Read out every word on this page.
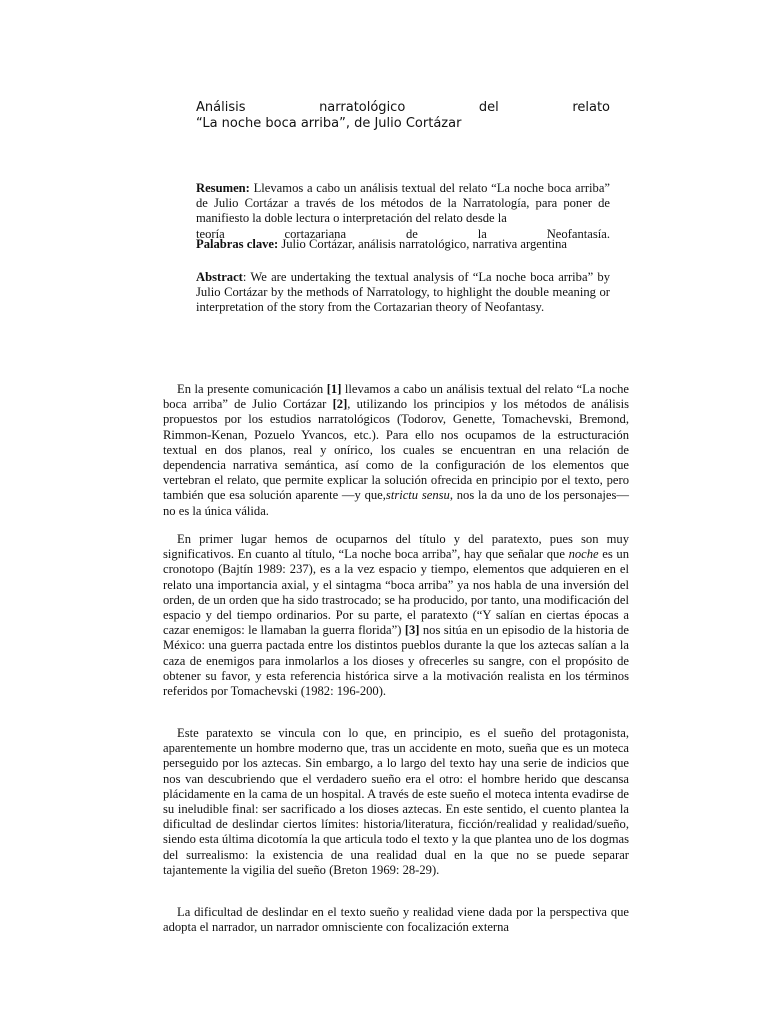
Análisis	narratológico	del	relato
“La noche boca arriba”, de Julio Cortázar
Resumen: Llevamos a cabo un análisis textual del relato “La noche boca arriba” de Julio Cortázar a través de los métodos de la Narratología, para poner de manifiesto la doble lectura o interpretación del relato desde la
teoría	cortazariana	de	la	Neofantasía.
Palabras clave: Julio Cortázar, análisis narratológico, narrativa argentina
Abstract: We are undertaking the textual analysis of “La noche boca arriba” by Julio Cortázar by the methods of Narratology, to highlight the double meaning or interpretation of the story from the Cortazarian theory of Neofantasy.
En la presente comunicación [1] llevamos a cabo un análisis textual del relato “La noche boca arriba” de Julio Cortázar [2], utilizando los principios y los métodos de análisis propuestos por los estudios narratológicos (Todorov, Genette, Tomachevski, Bremond, Rimmon-Kenan, Pozuelo Yvancos, etc.). Para ello nos ocupamos de la estructuración textual en dos planos, real y onírico, los cuales se encuentran en una relación de dependencia narrativa semántica, así como de la configuración de los elementos que vertebran el relato, que permite explicar la solución ofrecida en principio por el texto, pero también que esa solución aparente —y que,strictu sensu, nos la da uno de los personajes— no es la única válida.
En primer lugar hemos de ocuparnos del título y del paratexto, pues son muy significativos. En cuanto al título, “La noche boca arriba”, hay que señalar que noche es un cronotopo (Bajtín 1989: 237), es a la vez espacio y tiempo, elementos que adquieren en el relato una importancia axial, y el sintagma “boca arriba” ya nos habla de una inversión del orden, de un orden que ha sido trastrocado; se ha producido, por tanto, una modificación del espacio y del tiempo ordinarios. Por su parte, el paratexto (“Y salían en ciertas épocas a cazar enemigos: le llamaban la guerra florida”) [3] nos sitúa en un episodio de la historia de México: una guerra pactada entre los distintos pueblos durante la que los aztecas salían a la caza de enemigos para inmolarlos a los dioses y ofrecerles su sangre, con el propósito de obtener su favor, y esta referencia histórica sirve a la motivación realista en los términos referidos por Tomachevski (1982: 196-200).
Este paratexto se vincula con lo que, en principio, es el sueño del protagonista, aparentemente un hombre moderno que, tras un accidente en moto, sueña que es un moteca perseguido por los aztecas. Sin embargo, a lo largo del texto hay una serie de indicios que nos van descubriendo que el verdadero sueño era el otro: el hombre herido que descansa plácidamente en la cama de un hospital. A través de este sueño el moteca intenta evadirse de su ineludible final: ser sacrificado a los dioses aztecas. En este sentido, el cuento plantea la dificultad de deslindar ciertos límites: historia/literatura, ficción/realidad y realidad/sueño, siendo esta última dicotomía la que articula todo el texto y la que plantea uno de los dogmas del surrealismo: la existencia de una realidad dual en la que no se puede separar tajantemente la vigilia del sueño (Breton 1969: 28-29).
La dificultad de deslindar en el texto sueño y realidad viene dada por la perspectiva que adopta el narrador, un narrador omnisciente con focalización externa
